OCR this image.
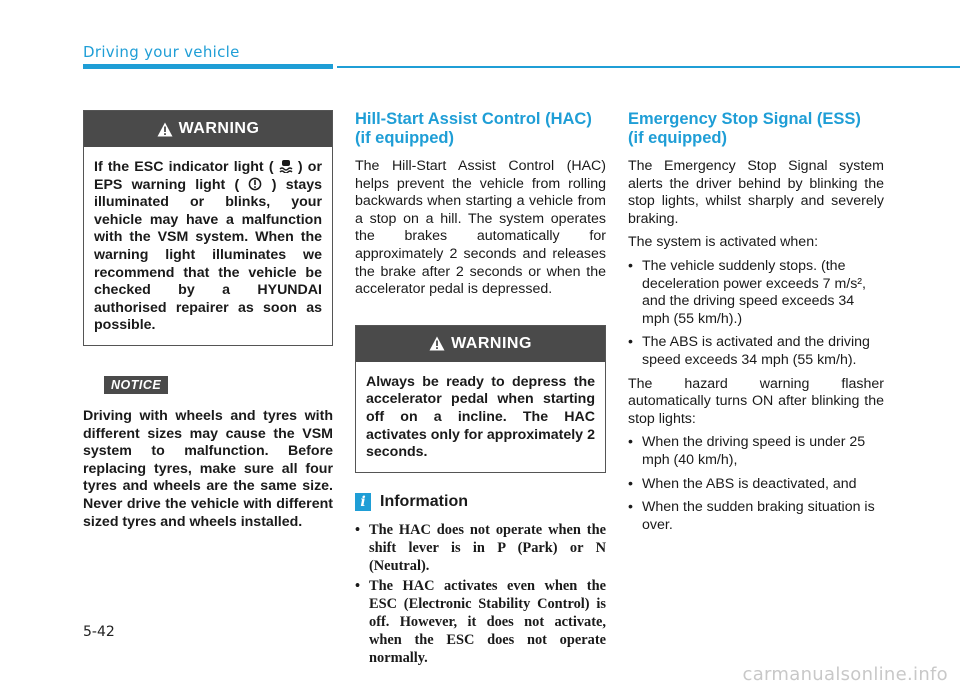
Driving your vehicle
WARNING
If the ESC indicator light ( ) or EPS warning light ( ) stays illuminated or blinks, your vehicle may have a malfunction with the VSM system. When the warning light illuminates we recommend that the vehicle be checked by a HYUNDAI authorised repairer as soon as possible.
NOTICE
Driving with wheels and tyres with different sizes may cause the VSM system to malfunction. Before replacing tyres, make sure all four tyres and wheels are the same size. Never drive the vehicle with different sized tyres and wheels installed.
Hill-Start Assist Control (HAC)
(if equipped)

The Hill-Start Assist Control (HAC) helps prevent the vehicle from rolling backwards when starting a vehicle from a stop on a hill. The system operates the brakes automatically for approximately 2 seconds and releases the brake after 2 seconds or when the accelerator pedal is depressed.

WARNING
Always be ready to depress the accelerator pedal when starting off on a incline. The HAC activates only for approximately 2 seconds.
i Information
• The HAC does not operate when the shift lever is in P (Park) or N (Neutral).
• The HAC activates even when the ESC (Electronic Stability Control) is off. However, it does not activate, when the ESC does not operate normally.
Emergency Stop Signal (ESS)
(if equipped)

The Emergency Stop Signal system alerts the driver behind by blinking the stop lights, whilst sharply and severely braking.

The system is activated when:

• The vehicle suddenly stops. (the deceleration power exceeds 7 m/s², and the driving speed exceeds 34 mph (55 km/h).)
• The ABS is activated and the driving speed exceeds 34 mph (55 km/h).

The hazard warning flasher automatically turns ON after blinking the stop lights:

• When the driving speed is under 25 mph (40 km/h),
• When the ABS is deactivated, and
• When the sudden braking situation is over.
5-42
carmanualsonline.info
